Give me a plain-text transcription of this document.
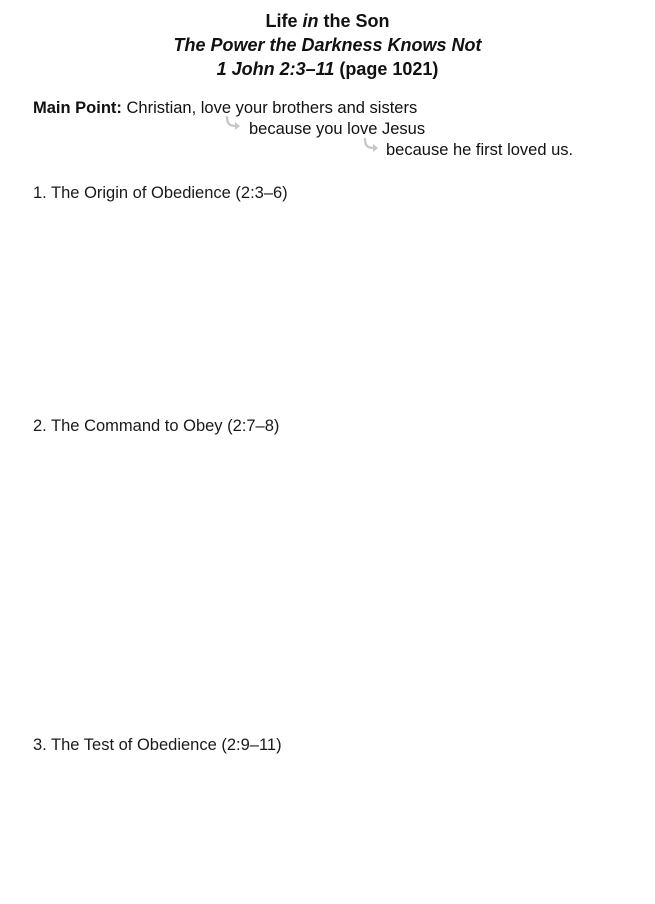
Life in the Son
The Power the Darkness Knows Not
1 John 2:3–11 (page 1021)
Main Point: Christian, love your brothers and sisters
because you love Jesus
because he first loved us.
1. The Origin of Obedience (2:3–6)
2. The Command to Obey (2:7–8)
3. The Test of Obedience (2:9–11)
